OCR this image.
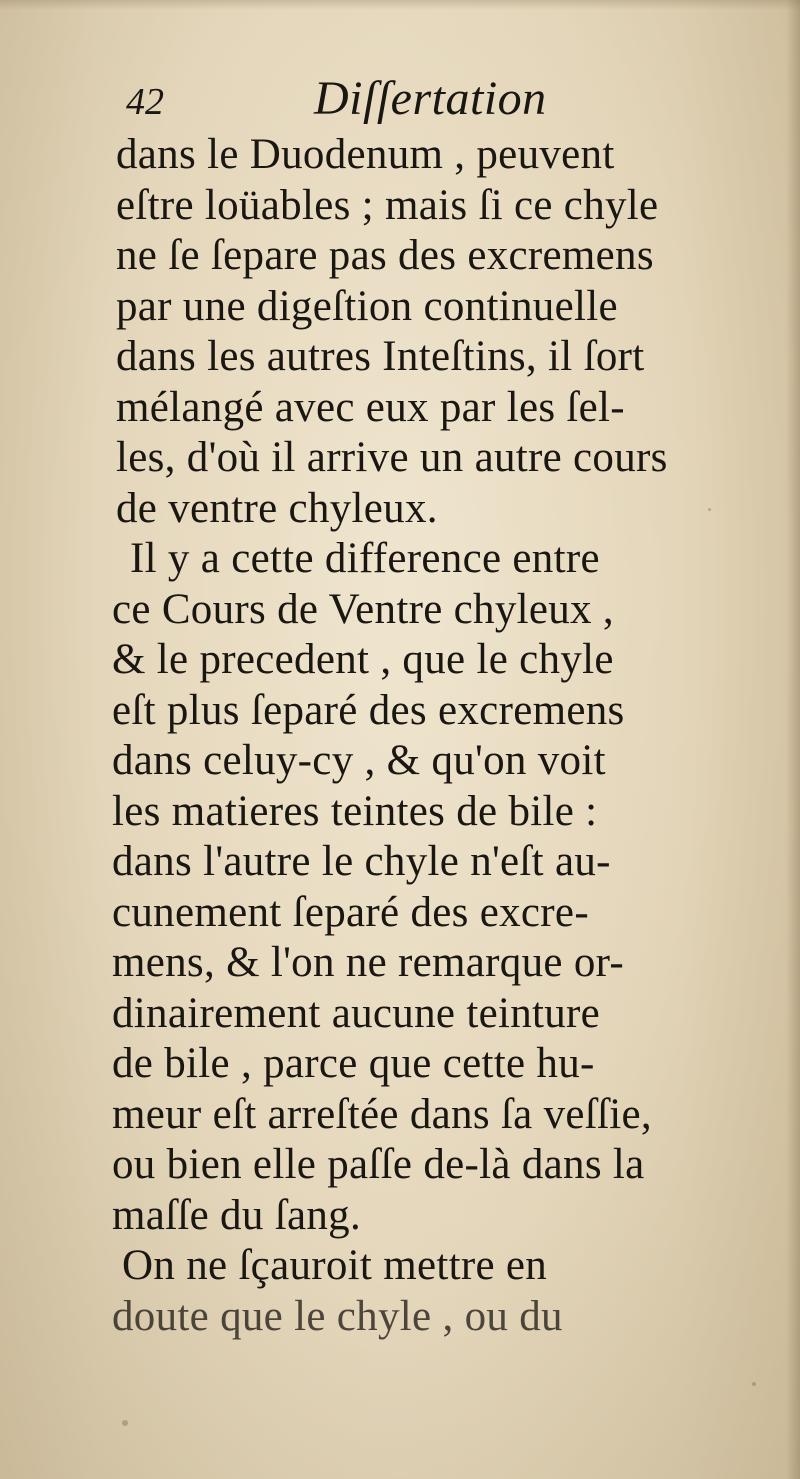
42	Diſſertation
dans le Duodenum , peuvent
eſtre loüables ; mais ſi ce chyle
ne ſe ſepare pas des excremens
par une digeſtion continuelle
dans les autres Inteſtins, il ſort
mélangé avec eux par les ſel-
les, d'où il arrive un autre cours
de ventre chyleux.
Il y a cette difference entre
ce Cours de Ventre chyleux ,
& le precedent , que le chyle
eſt plus ſeparé des excremens
dans celuy-cy , & qu'on voit
les matieres teintes de bile :
dans l'autre le chyle n'eſt au-
cunement ſeparé des excre-
mens, & l'on ne remarque or-
dinairement aucune teinture
de bile , parce que cette hu-
meur eſt arreſtée dans ſa veſſie,
ou bien elle paſſe de-là dans la
maſſe du ſang.
On ne ſçauroit mettre en
doute que le chyle , ou du
